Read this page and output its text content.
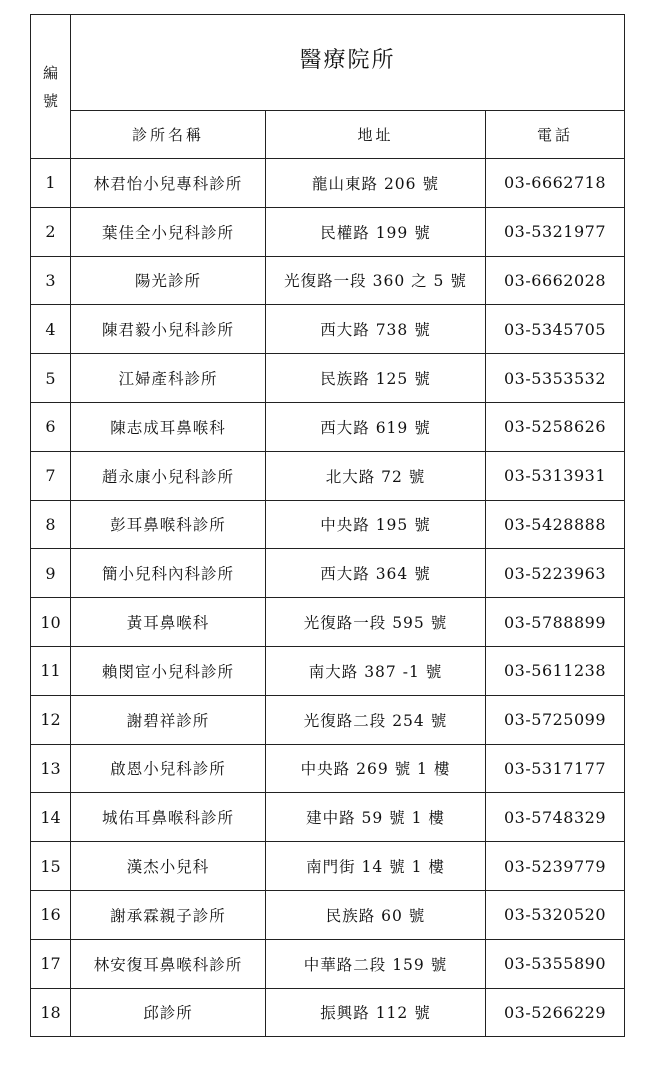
編
號	醫療院所		
	診所名稱	地址	電話
1	林君怡小兒專科診所	龍山東路 206 號	03-6662718
2	葉佳全小兒科診所	民權路 199 號	03-5321977
3	陽光診所	光復路一段 360 之 5 號	03-6662028
4	陳君毅小兒科診所	西大路 738 號	03-5345705
5	江婦產科診所	民族路 125 號	03-5353532
6	陳志成耳鼻喉科	西大路 619 號	03-5258626
7	趙永康小兒科診所	北大路 72 號	03-5313931
8	彭耳鼻喉科診所	中央路 195 號	03-5428888
9	簡小兒科內科診所	西大路 364 號	03-5223963
10	黃耳鼻喉科	光復路一段 595 號	03-5788899
11	賴閔宦小兒科診所	南大路 387 -1 號	03-5611238
12	謝碧祥診所	光復路二段 254 號	03-5725099
13	啟恩小兒科診所	中央路 269 號 1 樓	03-5317177
14	城佑耳鼻喉科診所	建中路 59 號 1 樓	03-5748329
15	漢杰小兒科	南門街 14 號 1 樓	03-5239779
16	謝承霖親子診所	民族路 60 號	03-5320520
17	林安復耳鼻喉科診所	中華路二段 159 號	03-5355890
18	邱診所	振興路 112 號	03-5266229
